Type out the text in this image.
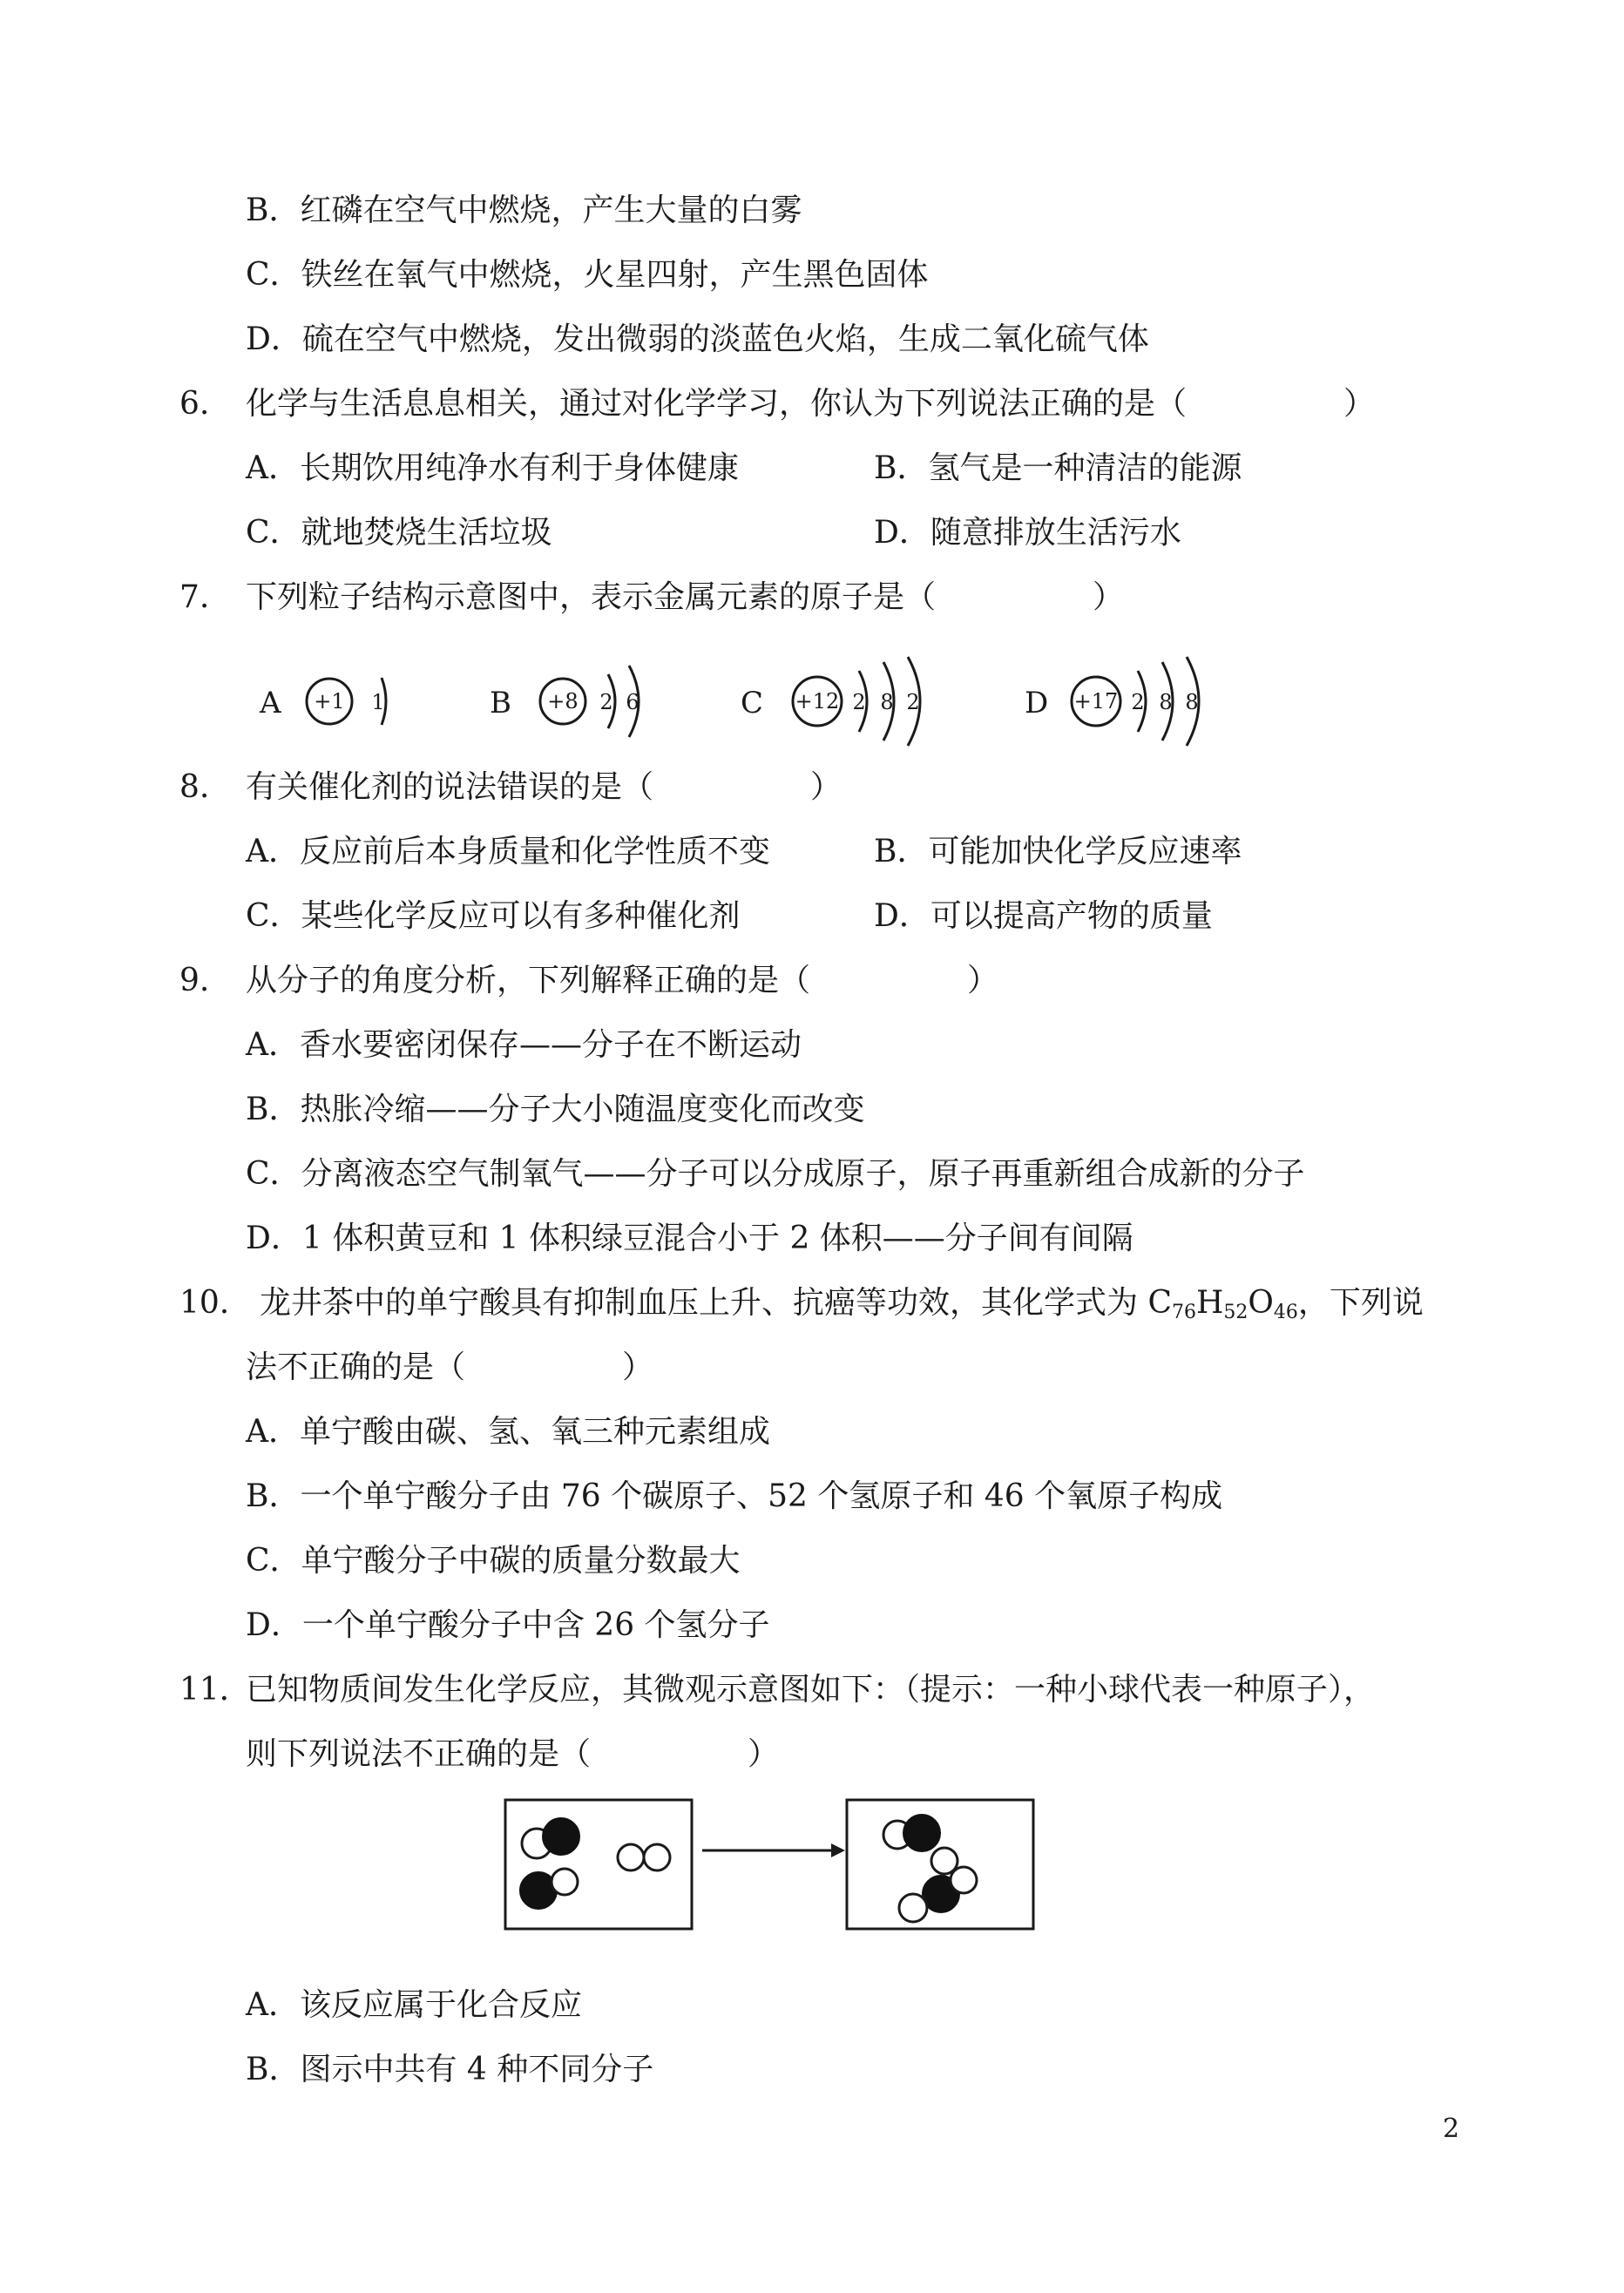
B．红磷在空气中燃烧，产生大量的白雾
C．铁丝在氧气中燃烧，火星四射，产生黑色固体
D．硫在空气中燃烧，发出微弱的淡蓝色火焰，生成二氧化硫气体
6. 化学与生活息息相关，通过对化学学习，你认为下列说法正确的是（　　　　　）
A．长期饮用纯净水有利于身体健康	B．氢气是一种清洁的能源
C．就地焚烧生活垃圾	D．随意排放生活污水
7. 下列粒子结构示意图中，表示金属元素的原子是（　　　　　）
A	B	C	D
+1	+8	+12	+17
1	2 6	2 8 2	2 8 8
8. 有关催化剂的说法错误的是（　　　　　）
A．反应前后本身质量和化学性质不变	B．可能加快化学反应速率
C．某些化学反应可以有多种催化剂	D．可以提高产物的质量
9. 从分子的角度分析，下列解释正确的是（　　　　　）
A．香水要密闭保存——分子在不断运动
B．热胀冷缩——分子大小随温度变化而改变
C．分离液态空气制氧气——分子可以分成原子，原子再重新组合成新的分子
D．1 体积黄豆和 1 体积绿豆混合小于 2 体积——分子间有间隔
10. 龙井茶中的单宁酸具有抑制血压上升、抗癌等功效，其化学式为 $C_{76}H_{52}O_{46}$，下列说
法不正确的是（　　　　　）
A．单宁酸由碳、氢、氧三种元素组成
B．一个单宁酸分子由 76 个碳原子、52 个氢原子和 46 个氧原子构成
C．单宁酸分子中碳的质量分数最大
D．一个单宁酸分子中含 26 个氢分子
11．
已知物质间发生化学反应，其微观示意图如下：（提示：一种小球代表一种原子），
则下列说法不正确的是（　　　　　）
A．该反应属于化合反应
B．图示中共有 4 种不同分子
2
